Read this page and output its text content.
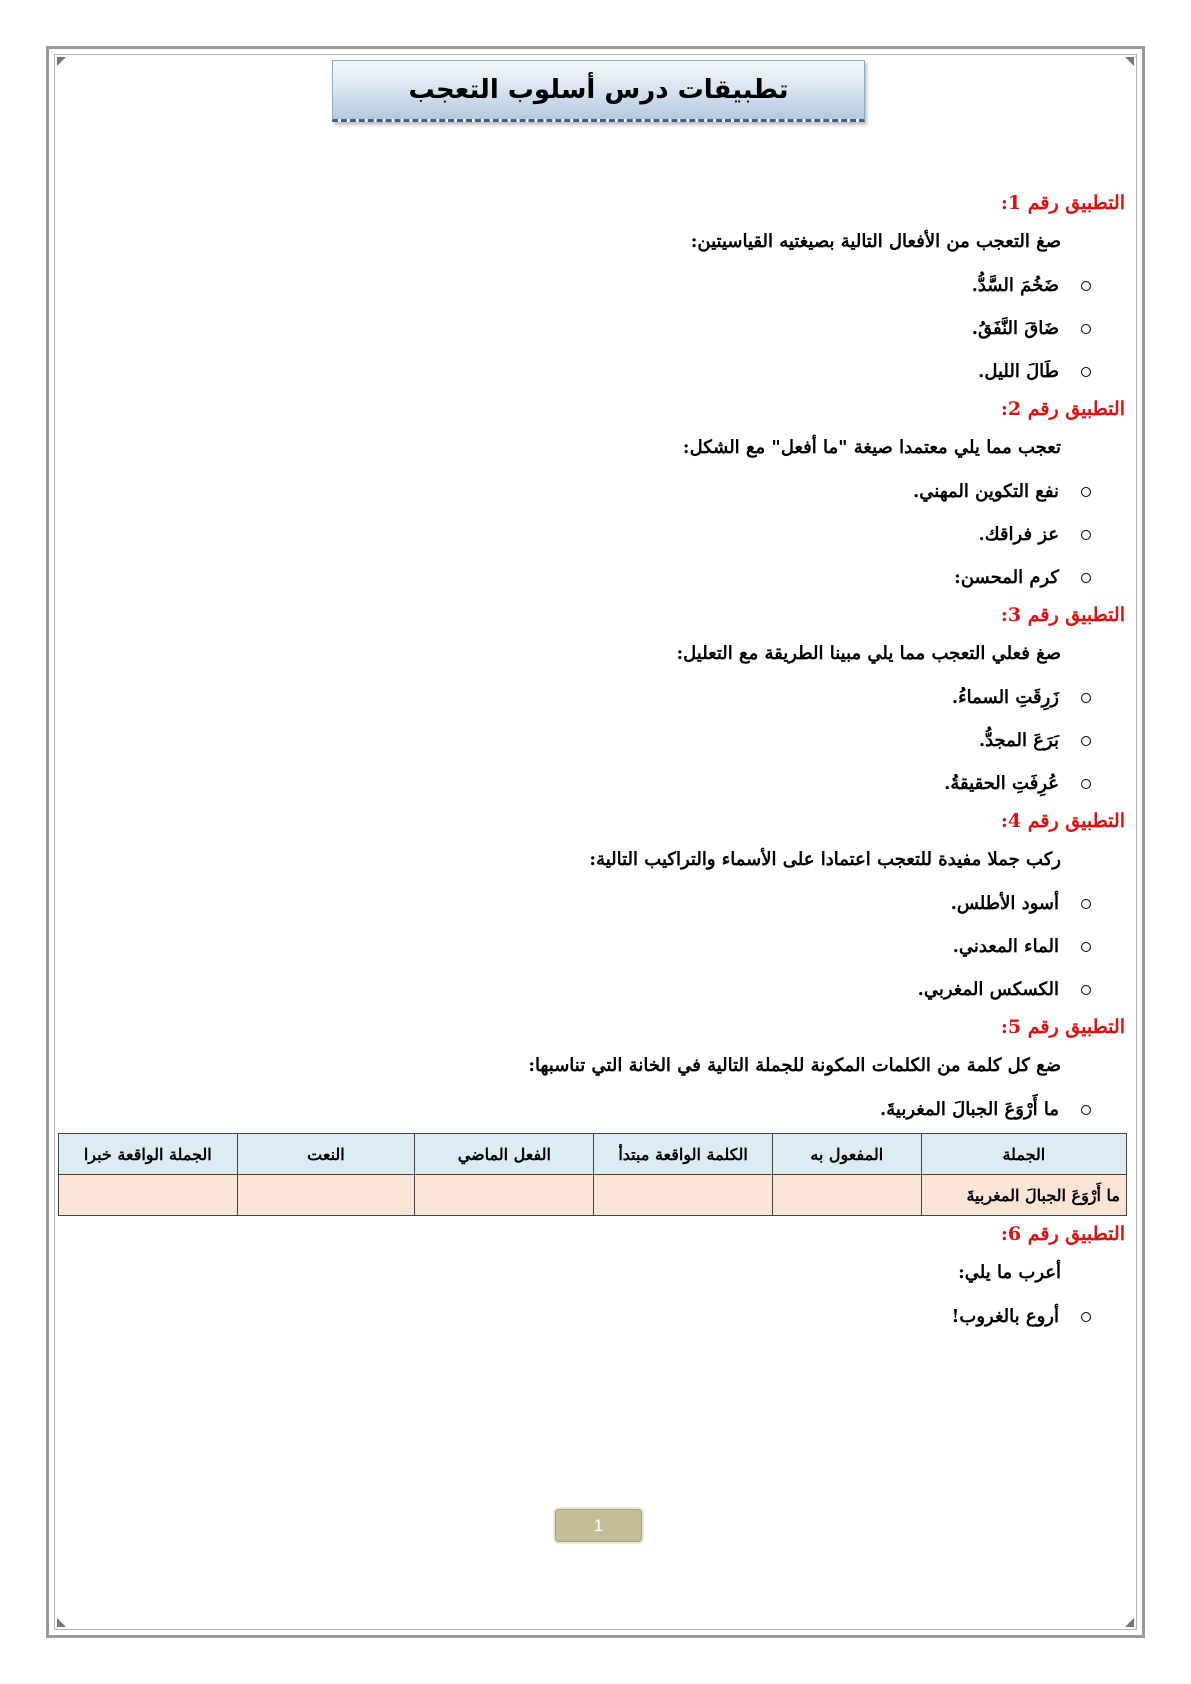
تطبيقات درس أسلوب التعجب
التطبيق رقم 1:
صغ التعجب من الأفعال التالية بصيغتيه القياسيتين:
ضَخُمَ السَّدُّ.
ضَاقَ النَّفَقُ.
طَالَ الليل.
التطبيق رقم 2:
تعجب مما يلي معتمدا صيغة "ما أفعل" مع الشكل:
نفع التكوين المهني.
عز فراقك.
كرم المحسن:
التطبيق رقم 3:
صغ فعلي التعجب مما يلي مبينا الطريقة مع التعليل:
زَرِقَتِ السماءُ.
بَرَعَ المجدُّ.
عُرِفَتِ الحقيقةُ.
التطبيق رقم 4:
ركب جملا مفيدة للتعجب اعتمادا على الأسماء والتراكيب التالية:
أسود الأطلس.
الماء المعدني.
الكسكس المغربي.
التطبيق رقم 5:
ضع كل كلمة من الكلمات المكونة للجملة التالية في الخانة التي تناسبها:
ما أَرْوَعَ الجبالَ المغربيةَ.
الجملة	المفعول به	الكلمة الواقعة مبتدأ	الفعل الماضي	النعت	الجملة الواقعة خبرا
ما أَرْوَعَ الجبالَ المغربيةَ					
التطبيق رقم 6:
أعرب ما يلي:
أروع بالغروب!
1
